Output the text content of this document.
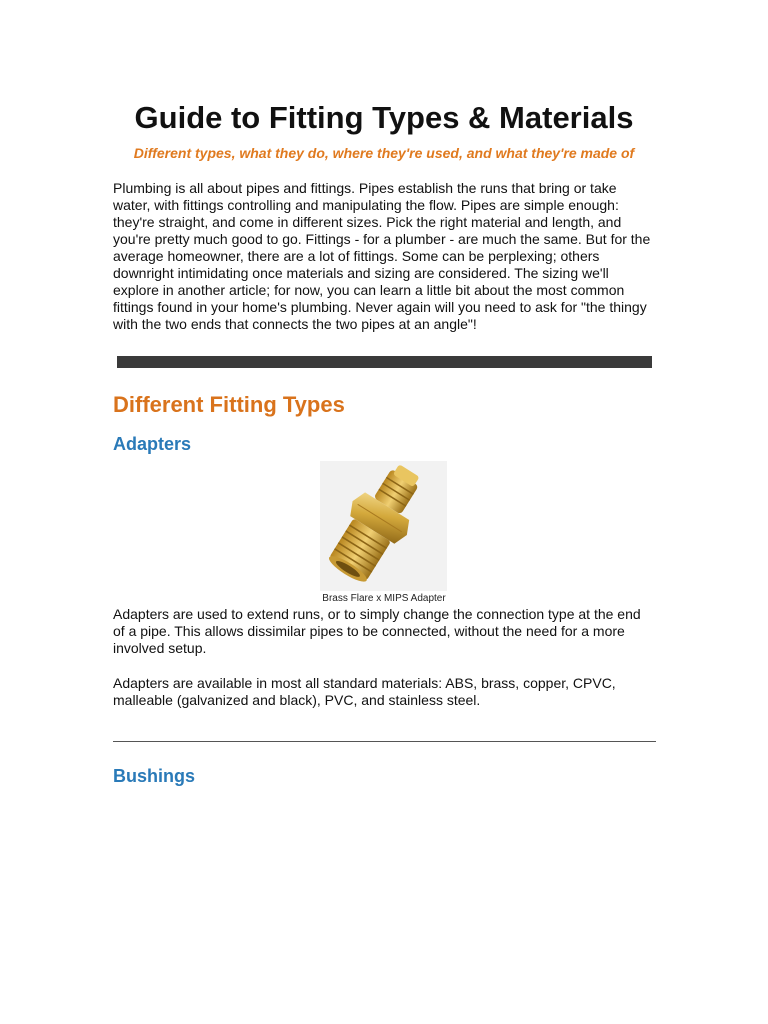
Guide to Fitting Types & Materials

Different types, what they do, where they're used, and what they're made of

Plumbing is all about pipes and fittings. Pipes establish the runs that bring or take water, with fittings controlling and manipulating the flow. Pipes are simple enough: they're straight, and come in different sizes. Pick the right material and length, and you're pretty much good to go. Fittings - for a plumber - are much the same. But for the average homeowner, there are a lot of fittings. Some can be perplexing; others downright intimidating once materials and sizing are considered. The sizing we'll explore in another article; for now, you can learn a little bit about the most common fittings found in your home's plumbing. Never again will you need to ask for "the thingy with the two ends that connects the two pipes at an angle"!

Different Fitting Types
Adapters

Brass Flare x MIPS Adapter

Adapters are used to extend runs, or to simply change the connection type at the end of a pipe. This allows dissimilar pipes to be connected, without the need for a more involved setup.

Adapters are available in most all standard materials: ABS, brass, copper, CPVC, malleable (galvanized and black), PVC, and stainless steel.

Bushings
